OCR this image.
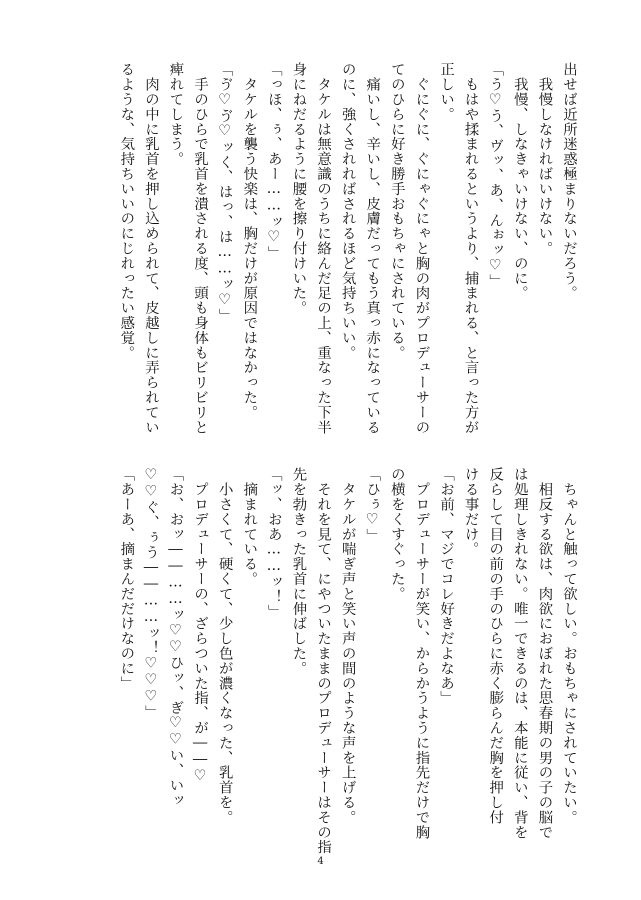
出せば近所迷惑極まりないだろう。
　我慢しなければいけない。
　我慢、しなきゃいけない、のに。
「う♡う、ヴッ、あ、んぉッ♡」
　もはや揉まれるというより、捕まれる、と言った方が
正しい。
　ぐにぐに、ぐにゃぐにゃと胸の肉がプロデューサーの
てのひらに好き勝手おもちゃにされている。
　痛いし、辛いし、皮膚だってもう真っ赤になっている
のに、強くされればされるほど気持ちいい。
　タケルは無意識のうちに絡んだ足の上、重なった下半
身にねだるように腰を擦り付けいた。
「っほ、ぅ、あー……ッ♡」
　タケルを襲う快楽は、胸だけが原因ではなかった。
「ゔ♡ゔ♡ッく、はっ、は……ッ♡」
　手のひらで乳首を潰される度、頭も身体もビリビリと
痺れてしまう。
　肉の中に乳首を押し込められて、皮越しに弄られてい
るような、気持ちいいのにじれったい感覚。
　ちゃんと触って欲しい。おもちゃにされていたい。
　相反する欲は、肉欲におぼれた思春期の男の子の脳で
は処理しきれない。唯一できるのは、本能に従い、背を
反らして目の前の手のひらに赤く膨らんだ胸を押し付
ける事だけ。
「お前、マジでコレ好きだよなあ」
　プロデューサーが笑い、からかうように指先だけで胸
の横をくすぐった。
「ひぅ♡」
　タケルが喘ぎ声と笑い声の間のような声を上げる。
　それを見て、にやついたままのプロデューサーはその指
先を勃きった乳首に伸ばした。
「ッ、おあ……ッ！」
　摘まれている。
　小さくて、硬くて、少し色が濃くなった、乳首を。
　プロデューサーの、ざらついた指、が――♡
「お、おッ――……ッ♡♡ひッ、ぎ♡♡い、いッ
♡♡ぐ、ぅう――……ッ！♡♡♡」
「あーあ、摘まんだだけなのに」
4
